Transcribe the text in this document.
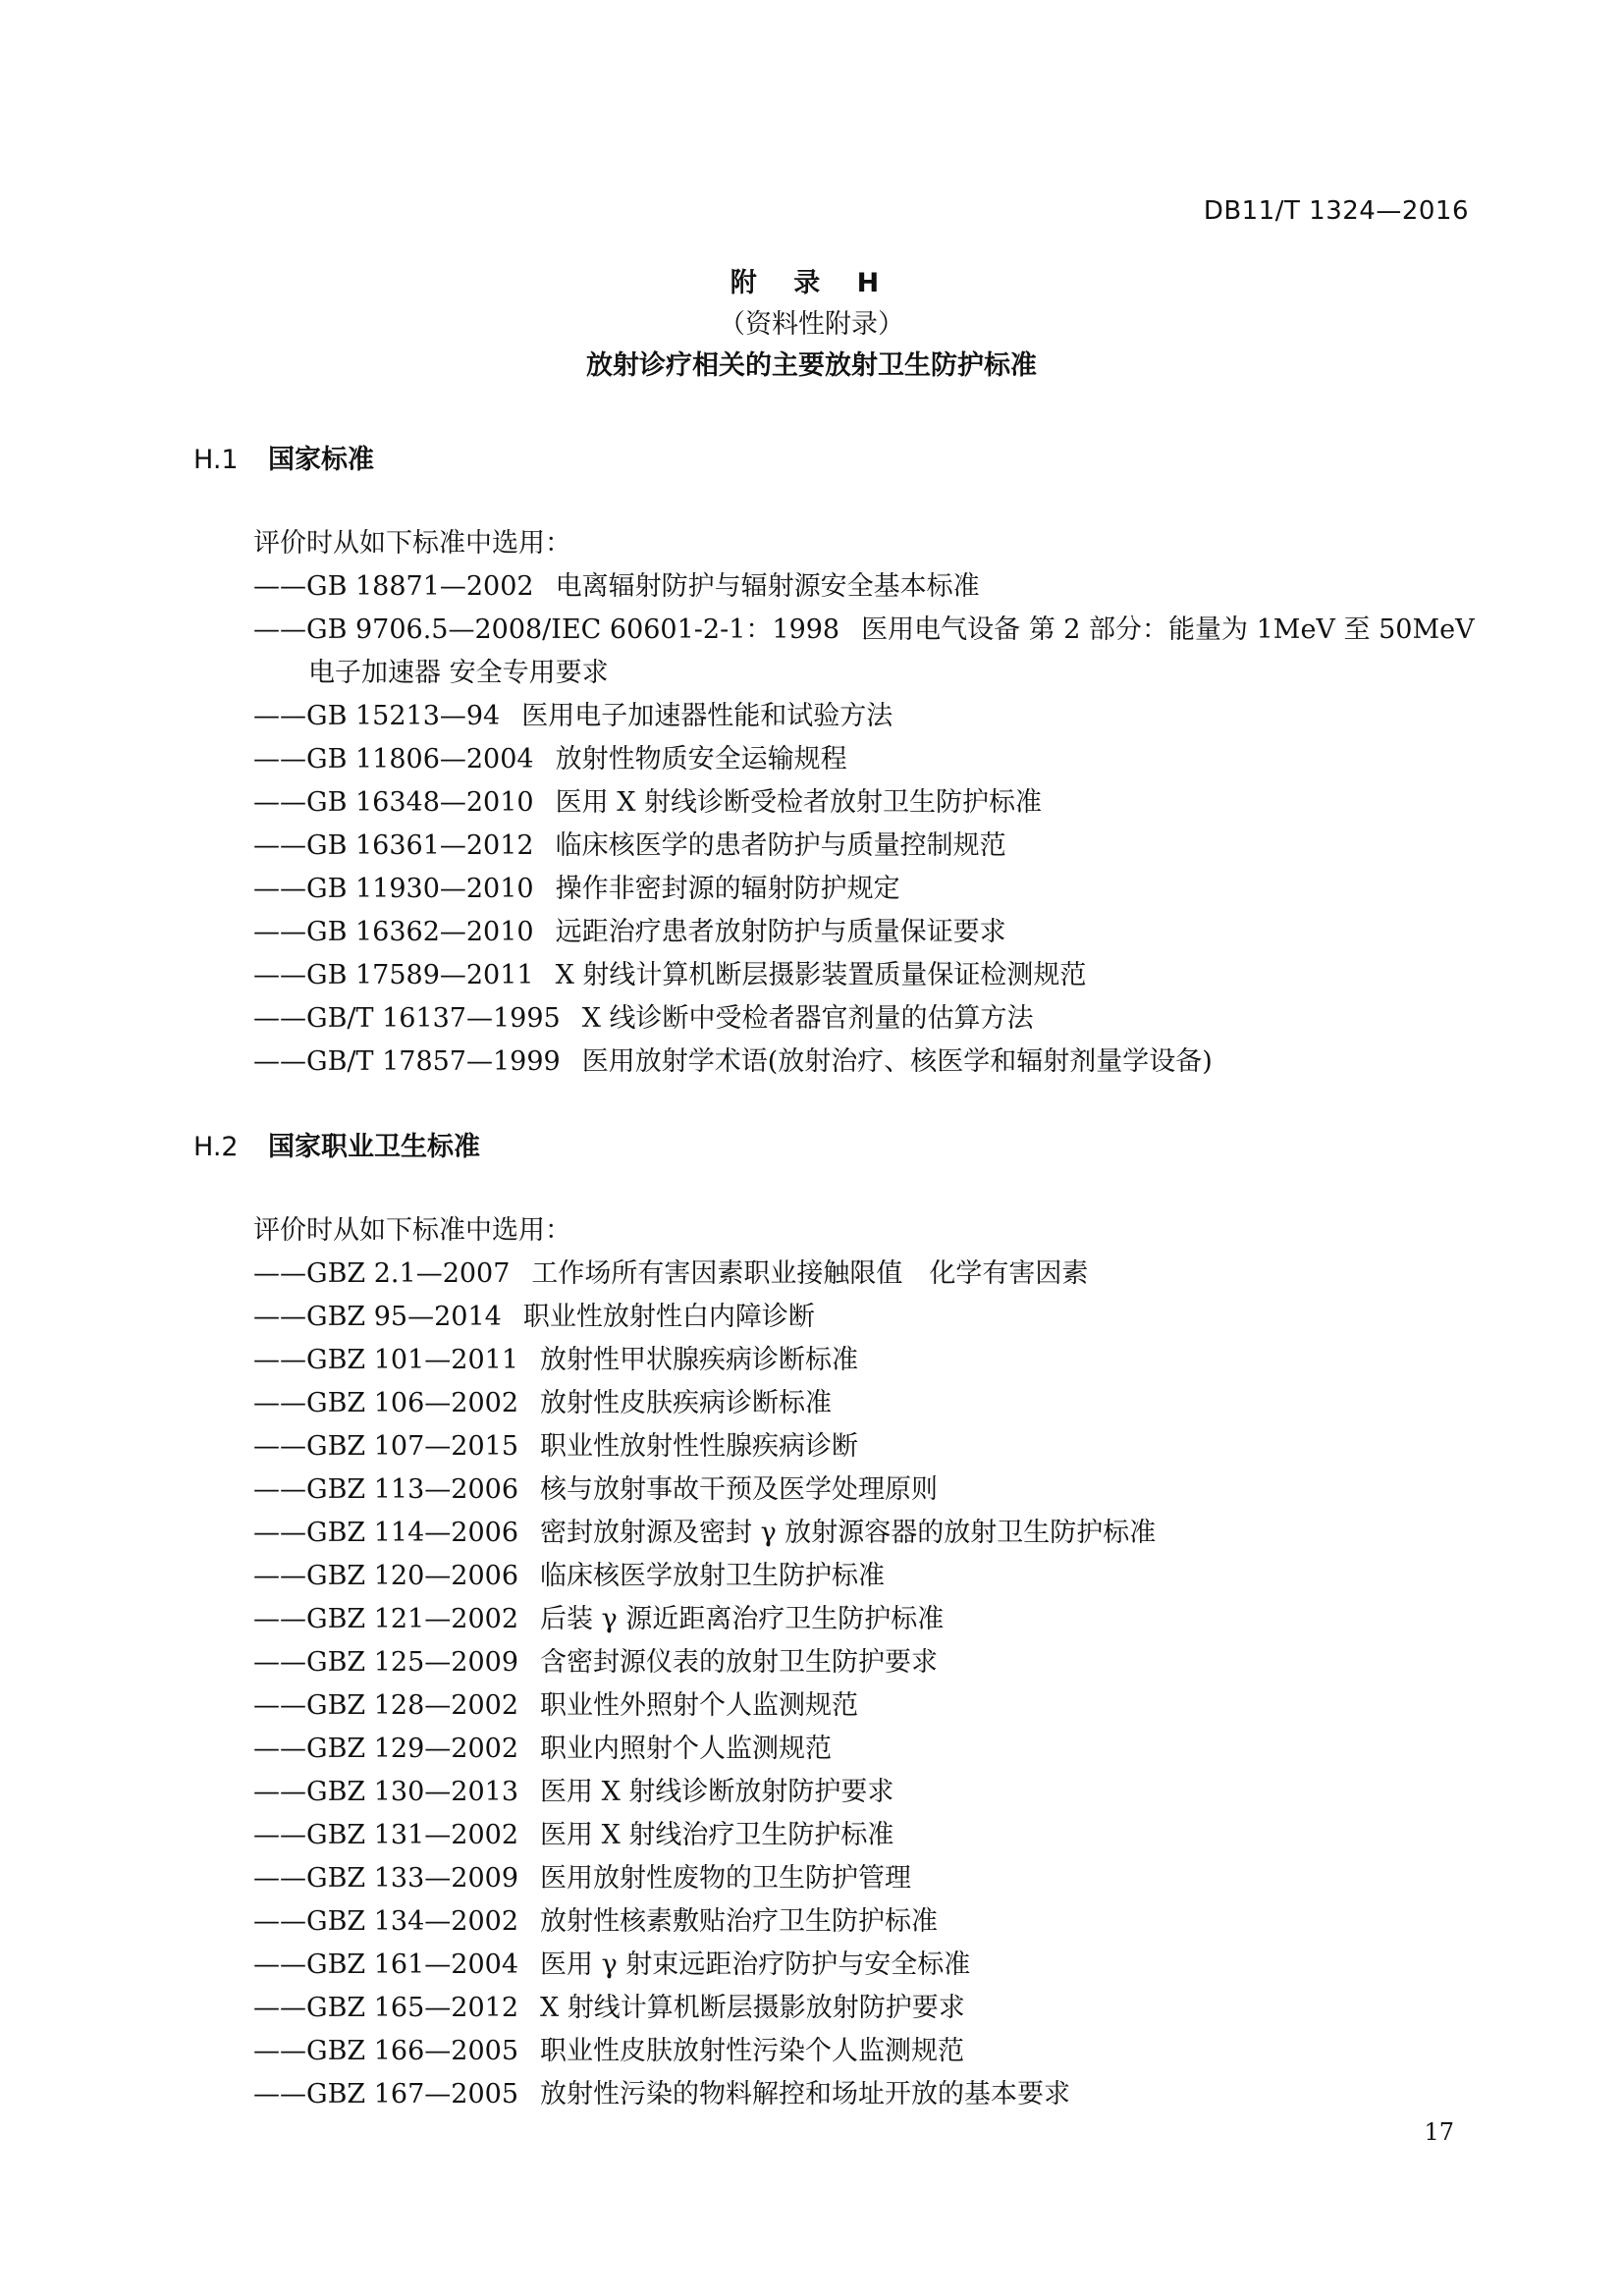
DB11/T 1324—2016
附 录 H
（资料性附录）
放射诊疗相关的主要放射卫生防护标准
H.1 国家标准
评价时从如下标准中选用：
——GB 18871—2002 电离辐射防护与辐射源安全基本标准
——GB 9706.5—2008/IEC 60601-2-1：1998 医用电气设备 第 2 部分：能量为 1MeV 至 50MeV 电子加速器 安全专用要求
——GB 15213—94 医用电子加速器性能和试验方法
——GB 11806—2004 放射性物质安全运输规程
——GB 16348—2010 医用 X 射线诊断受检者放射卫生防护标准
——GB 16361—2012 临床核医学的患者防护与质量控制规范
——GB 11930—2010 操作非密封源的辐射防护规定
——GB 16362—2010 远距治疗患者放射防护与质量保证要求
——GB 17589—2011 X 射线计算机断层摄影装置质量保证检测规范
——GB/T 16137—1995 X 线诊断中受检者器官剂量的估算方法
——GB/T 17857—1999 医用放射学术语(放射治疗、核医学和辐射剂量学设备)
H.2 国家职业卫生标准
评价时从如下标准中选用：
——GBZ 2.1—2007 工作场所有害因素职业接触限值　化学有害因素
——GBZ 95—2014 职业性放射性白内障诊断
——GBZ 101—2011 放射性甲状腺疾病诊断标准
——GBZ 106—2002 放射性皮肤疾病诊断标准
——GBZ 107—2015 职业性放射性性腺疾病诊断
——GBZ 113—2006 核与放射事故干预及医学处理原则
——GBZ 114—2006 密封放射源及密封 γ 放射源容器的放射卫生防护标准
——GBZ 120—2006 临床核医学放射卫生防护标准
——GBZ 121—2002 后装 γ 源近距离治疗卫生防护标准
——GBZ 125—2009 含密封源仪表的放射卫生防护要求
——GBZ 128—2002 职业性外照射个人监测规范
——GBZ 129—2002 职业内照射个人监测规范
——GBZ 130—2013 医用 X 射线诊断放射防护要求
——GBZ 131—2002 医用 X 射线治疗卫生防护标准
——GBZ 133—2009 医用放射性废物的卫生防护管理
——GBZ 134—2002 放射性核素敷贴治疗卫生防护标准
——GBZ 161—2004 医用 γ 射束远距治疗防护与安全标准
——GBZ 165—2012 X 射线计算机断层摄影放射防护要求
——GBZ 166—2005 职业性皮肤放射性污染个人监测规范
——GBZ 167—2005 放射性污染的物料解控和场址开放的基本要求
17
